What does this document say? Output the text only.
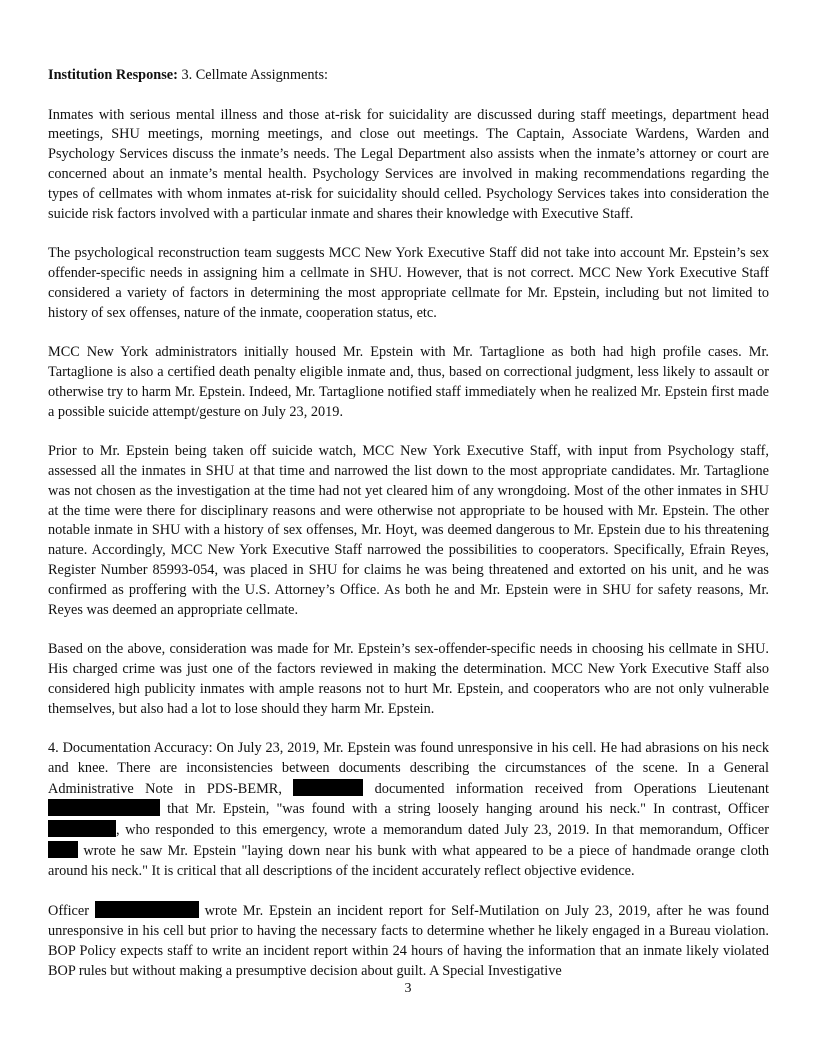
Institution Response: 3. Cellmate Assignments:

Inmates with serious mental illness and those at-risk for suicidality are discussed during staff meetings, department head meetings, SHU meetings, morning meetings, and close out meetings. The Captain, Associate Wardens, Warden and Psychology Services discuss the inmate’s needs. The Legal Department also assists when the inmate’s attorney or court are concerned about an inmate’s mental health. Psychology Services are involved in making recommendations regarding the types of cellmates with whom inmates at-risk for suicidality should celled. Psychology Services takes into consideration the suicide risk factors involved with a particular inmate and shares their knowledge with Executive Staff.

The psychological reconstruction team suggests MCC New York Executive Staff did not take into account Mr. Epstein’s sex offender-specific needs in assigning him a cellmate in SHU. However, that is not correct. MCC New York Executive Staff considered a variety of factors in determining the most appropriate cellmate for Mr. Epstein, including but not limited to history of sex offenses, nature of the inmate, cooperation status, etc.

MCC New York administrators initially housed Mr. Epstein with Mr. Tartaglione as both had high profile cases. Mr. Tartaglione is also a certified death penalty eligible inmate and, thus, based on correctional judgment, less likely to assault or otherwise try to harm Mr. Epstein. Indeed, Mr. Tartaglione notified staff immediately when he realized Mr. Epstein first made a possible suicide attempt/gesture on July 23, 2019.

Prior to Mr. Epstein being taken off suicide watch, MCC New York Executive Staff, with input from Psychology staff, assessed all the inmates in SHU at that time and narrowed the list down to the most appropriate candidates. Mr. Tartaglione was not chosen as the investigation at the time had not yet cleared him of any wrongdoing. Most of the other inmates in SHU at the time were there for disciplinary reasons and were otherwise not appropriate to be housed with Mr. Epstein. The other notable inmate in SHU with a history of sex offenses, Mr. Hoyt, was deemed dangerous to Mr. Epstein due to his threatening nature. Accordingly, MCC New York Executive Staff narrowed the possibilities to cooperators. Specifically, Efrain Reyes, Register Number 85993-054, was placed in SHU for claims he was being threatened and extorted on his unit, and he was confirmed as proffering with the U.S. Attorney’s Office. As both he and Mr. Epstein were in SHU for safety reasons, Mr. Reyes was deemed an appropriate cellmate.

Based on the above, consideration was made for Mr. Epstein’s sex-offender-specific needs in choosing his cellmate in SHU. His charged crime was just one of the factors reviewed in making the determination. MCC New York Executive Staff also considered high publicity inmates with ample reasons not to hurt Mr. Epstein, and cooperators who are not only vulnerable themselves, but also had a lot to lose should they harm Mr. Epstein.

4. Documentation Accuracy: On July 23, 2019, Mr. Epstein was found unresponsive in his cell. He had abrasions on his neck and knee. There are inconsistencies between documents describing the circumstances of the scene. In a General Administrative Note in PDS-BEMR,	documented information received from Operations Lieutenant  that Mr. Epstein, "was found with a string loosely hanging around his neck." In contrast, Officer , who responded to this emergency, wrote a memorandum dated July 23, 2019. In that memorandum, Officer  wrote he saw Mr. Epstein "laying down near his bunk with what appeared to be a piece of handmade orange cloth around his neck." It is critical that all descriptions of the incident accurately reflect objective evidence.

Officer	wrote Mr. Epstein an incident report for Self-Mutilation on July 23, 2019, after he was found unresponsive in his cell but prior to having the necessary facts to determine whether he likely engaged in a Bureau violation. BOP Policy expects staff to write an incident report within 24 hours of having the information that an inmate likely violated BOP rules but without making a presumptive decision about guilt. A Special Investigative

3
